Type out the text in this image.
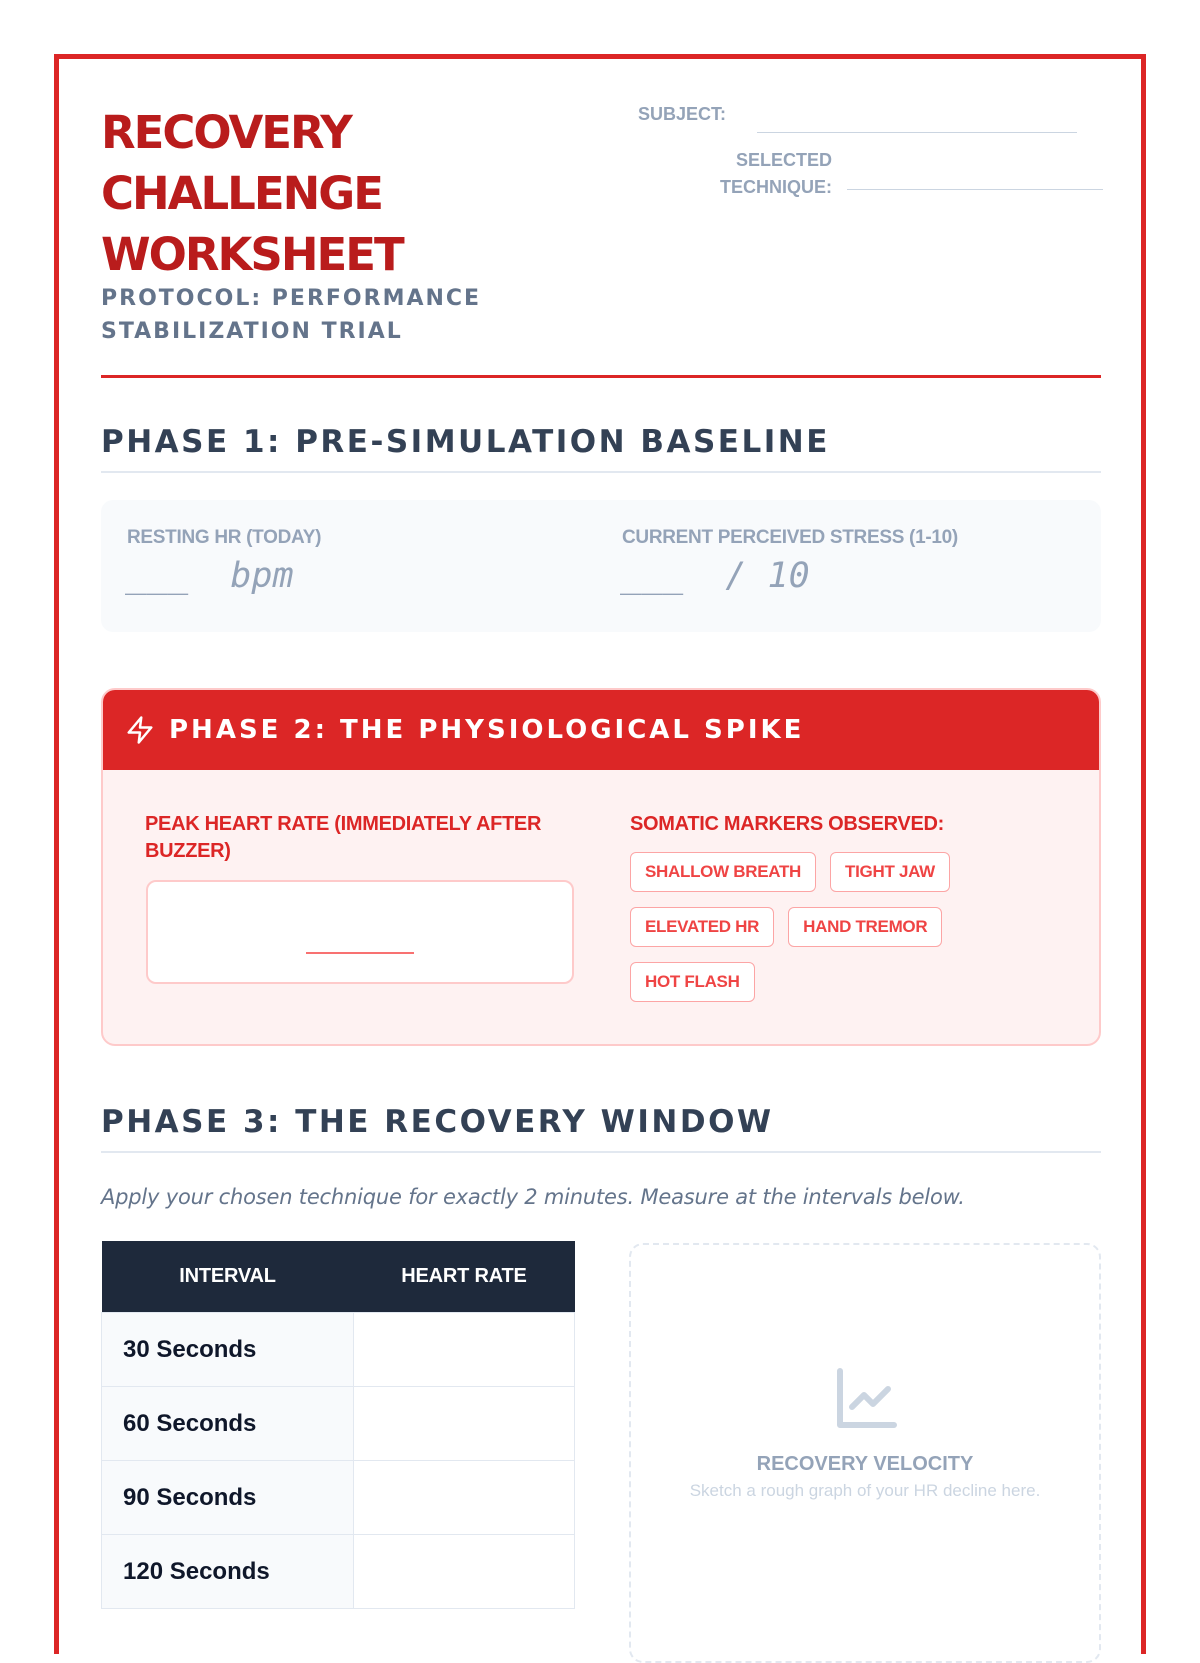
RECOVERY
CHALLENGE
WORKSHEET
PROTOCOL: PERFORMANCE STABILIZATION TRIAL
SUBJECT:
SELECTED TECHNIQUE:
PHASE 1: PRE-SIMULATION BASELINE
RESTING HR (TODAY)
___  bpm
CURRENT PERCEIVED STRESS (1-10)
___  / 10
PHASE 2: THE PHYSIOLOGICAL SPIKE
PEAK HEART RATE (IMMEDIATELY AFTER BUZZER)
SOMATIC MARKERS OBSERVED:
SHALLOW BREATH	TIGHT JAW
ELEVATED HR	HAND TREMOR
HOT FLASH
PHASE 3: THE RECOVERY WINDOW
Apply your chosen technique for exactly 2 minutes. Measure at the intervals below.
INTERVAL	HEART RATE
30 Seconds	
60 Seconds	
90 Seconds	
120 Seconds	
RECOVERY VELOCITY
Sketch a rough graph of your HR decline here.
